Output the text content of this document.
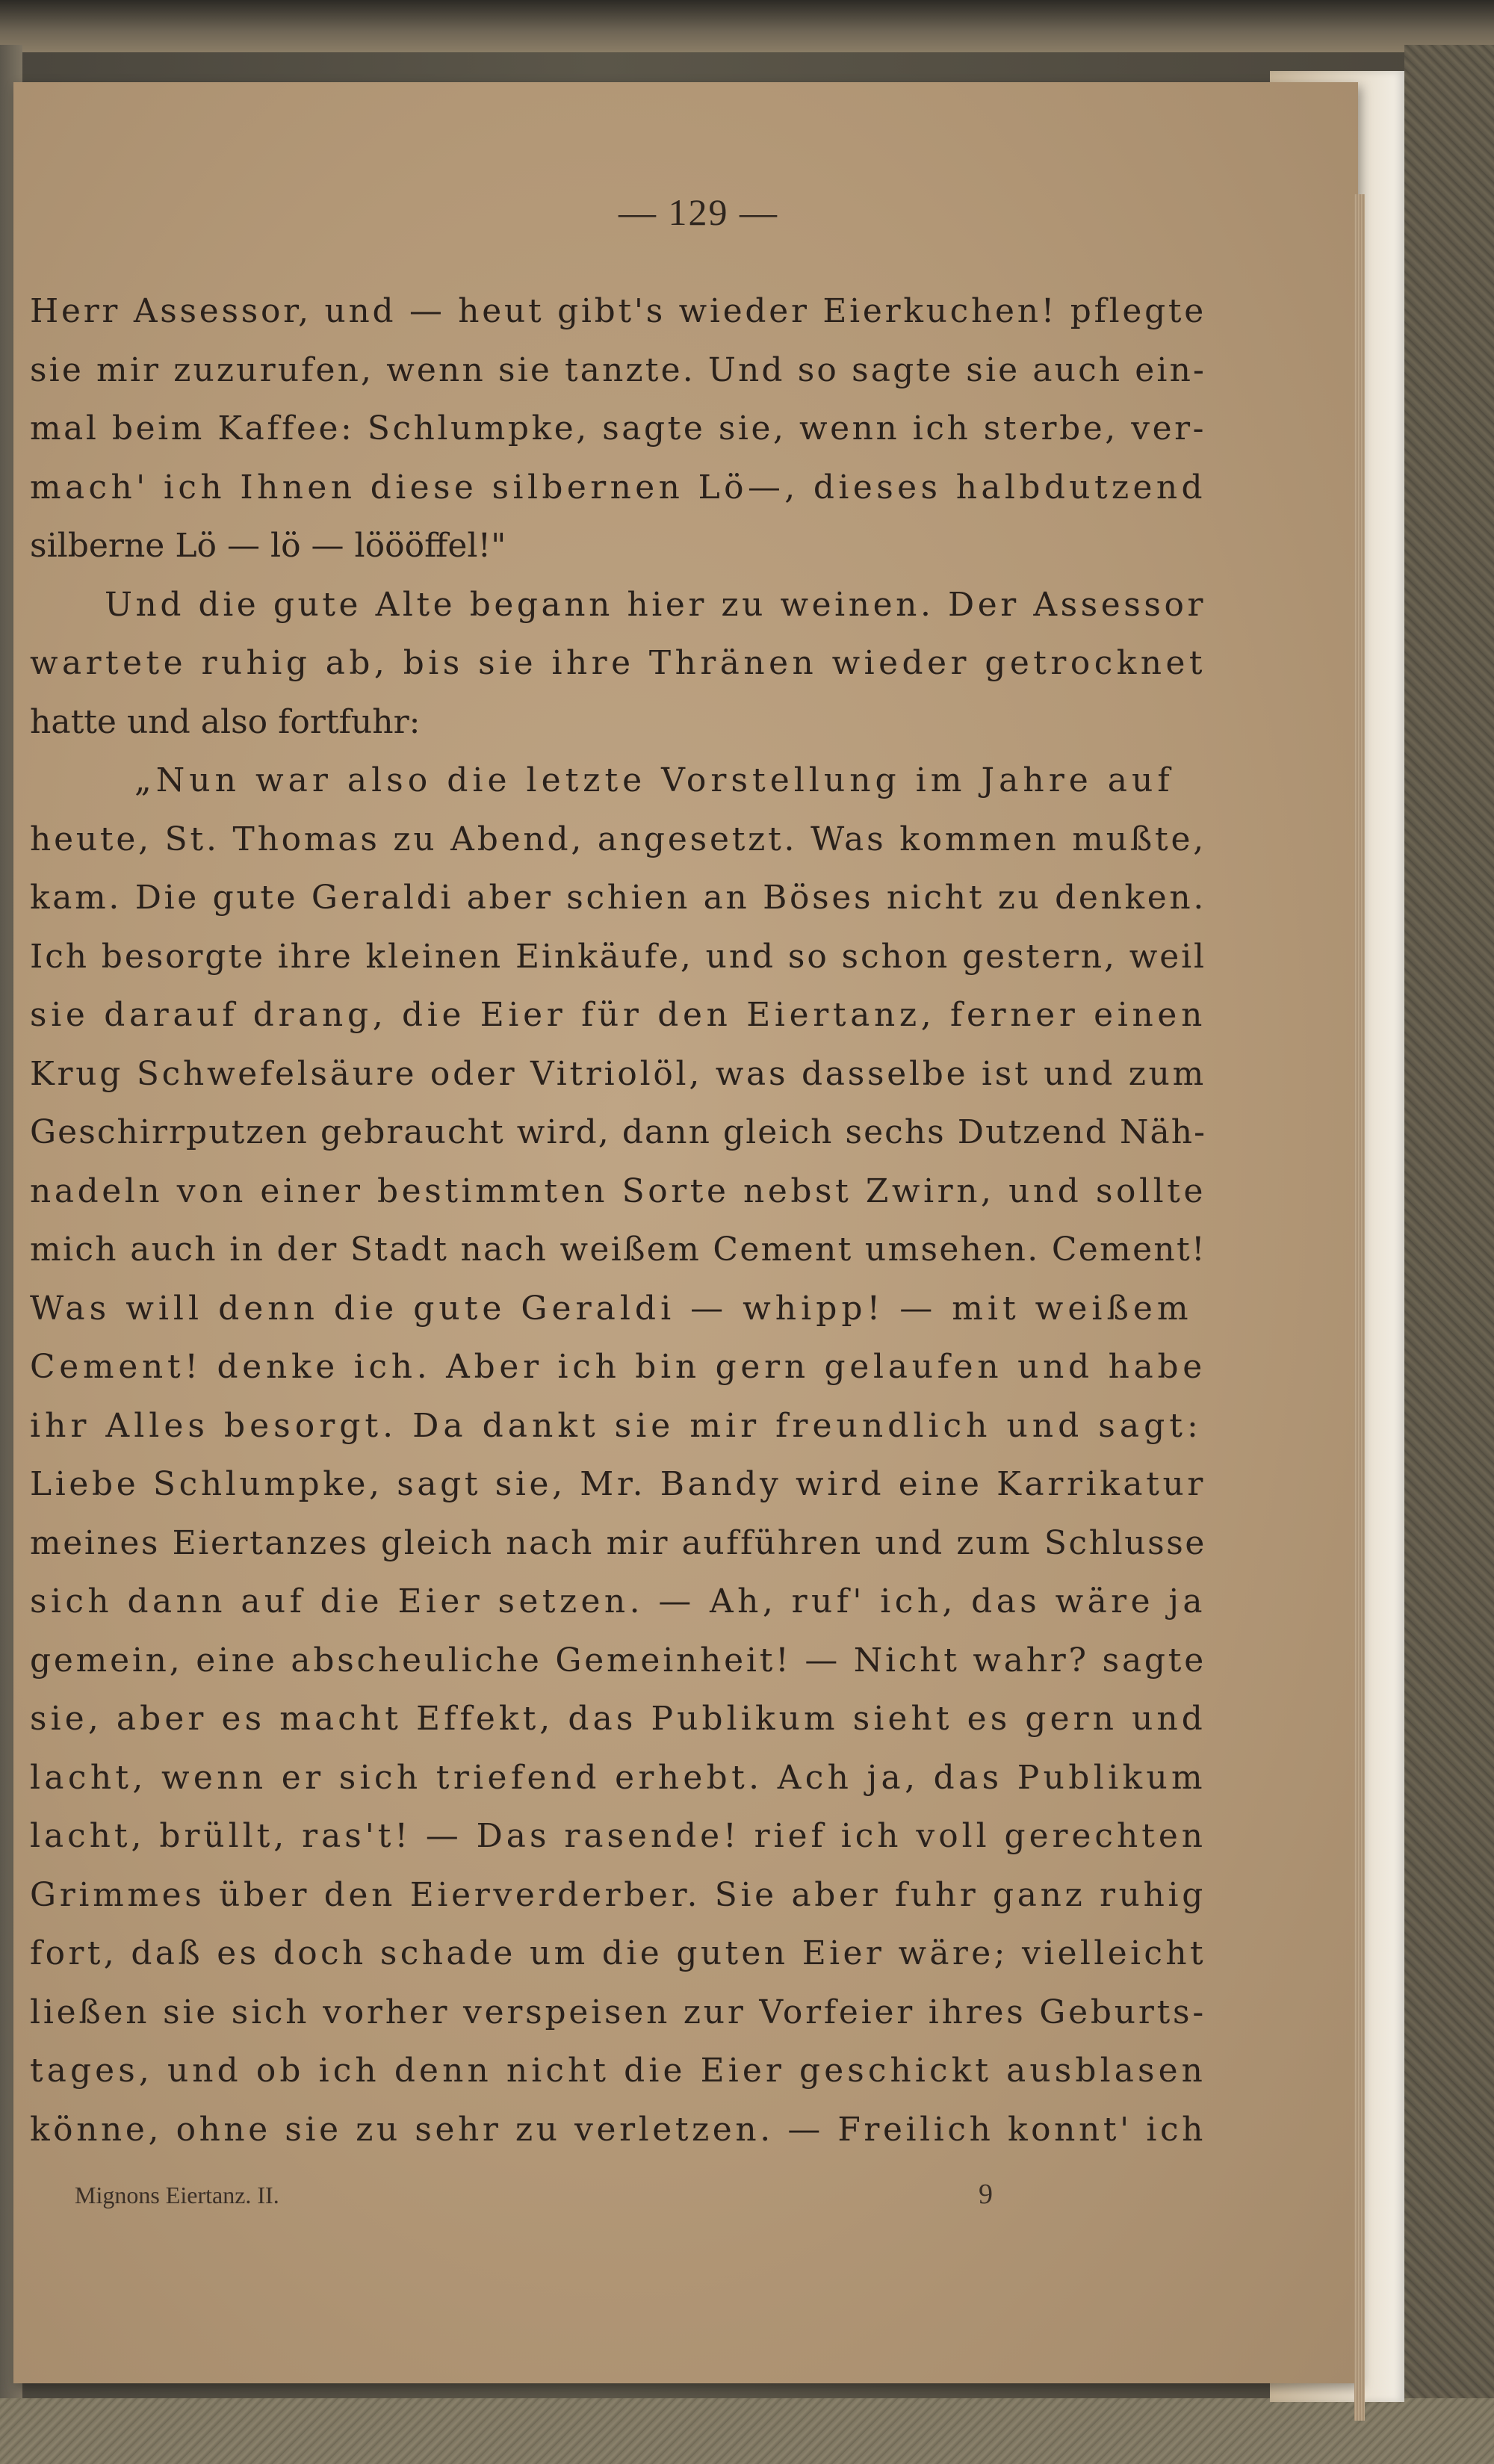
— 129 —
Herr Assessor, und — heut gibt's wieder Eierkuchen! pflegte
sie mir zuzurufen, wenn sie tanzte. Und so sagte sie auch ein-
mal beim Kaffee: Schlumpke, sagte sie, wenn ich sterbe, ver-
mach' ich Ihnen diese silbernen Lö—, dieses halbdutzend
silberne Lö — lö — löööffel!"
Und die gute Alte begann hier zu weinen. Der Assessor
wartete ruhig ab, bis sie ihre Thränen wieder getrocknet
hatte und also fortfuhr:
„Nun war also die letzte Vorstellung im Jahre auf
heute, St. Thomas zu Abend, angesetzt. Was kommen mußte,
kam. Die gute Geraldi aber schien an Böses nicht zu denken.
Ich besorgte ihre kleinen Einkäufe, und so schon gestern, weil
sie darauf drang, die Eier für den Eiertanz, ferner einen
Krug Schwefelsäure oder Vitriolöl, was dasselbe ist und zum
Geschirrputzen gebraucht wird, dann gleich sechs Dutzend Näh-
nadeln von einer bestimmten Sorte nebst Zwirn, und sollte
mich auch in der Stadt nach weißem Cement umsehen. Cement!
Was will denn die gute Geraldi — whipp! — mit weißem
Cement! denke ich. Aber ich bin gern gelaufen und habe
ihr Alles besorgt. Da dankt sie mir freundlich und sagt:
Liebe Schlumpke, sagt sie, Mr. Bandy wird eine Karrikatur
meines Eiertanzes gleich nach mir aufführen und zum Schlusse
sich dann auf die Eier setzen. — Ah, ruf' ich, das wäre ja
gemein, eine abscheuliche Gemeinheit! — Nicht wahr? sagte
sie, aber es macht Effekt, das Publikum sieht es gern und
lacht, wenn er sich triefend erhebt. Ach ja, das Publikum
lacht, brüllt, ras't! — Das rasende! rief ich voll gerechten
Grimmes über den Eierverderber. Sie aber fuhr ganz ruhig
fort, daß es doch schade um die guten Eier wäre; vielleicht
ließen sie sich vorher verspeisen zur Vorfeier ihres Geburts-
tages, und ob ich denn nicht die Eier geschickt ausblasen
könne, ohne sie zu sehr zu verletzen. — Freilich konnt' ich
Mignons Eiertanz. II.	9
